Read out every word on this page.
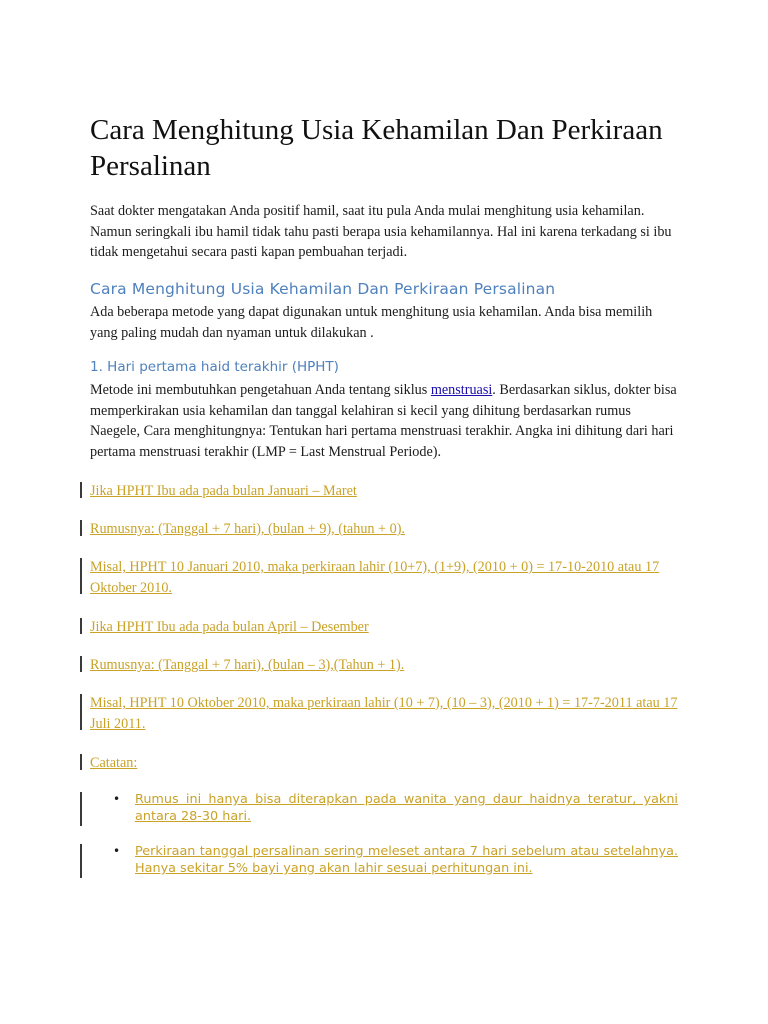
Cara Menghitung Usia Kehamilan Dan Perkiraan Persalinan

Saat dokter mengatakan Anda positif hamil, saat itu pula Anda mulai menghitung usia kehamilan. Namun seringkali ibu hamil tidak tahu pasti berapa usia kehamilannya. Hal ini karena terkadang si ibu tidak mengetahui secara pasti kapan pembuahan terjadi.

Cara Menghitung Usia Kehamilan Dan Perkiraan Persalinan

Ada beberapa metode yang dapat digunakan untuk menghitung usia kehamilan. Anda bisa memilih yang paling mudah dan nyaman untuk dilakukan .

1. Hari pertama haid terakhir (HPHT)

Metode ini membutuhkan pengetahuan Anda tentang siklus menstruasi. Berdasarkan siklus, dokter bisa memperkirakan usia kehamilan dan tanggal kelahiran si kecil yang dihitung berdasarkan rumus Naegele, Cara menghitungnya: Tentukan hari pertama menstruasi terakhir. Angka ini dihitung dari hari pertama menstruasi terakhir (LMP = Last Menstrual Periode).

Jika HPHT Ibu ada pada bulan Januari – Maret

Rumusnya: (Tanggal + 7 hari), (bulan + 9), (tahun + 0).

Misal, HPHT 10 Januari 2010, maka perkiraan lahir (10+7), (1+9), (2010 + 0) = 17-10-2010 atau 17 Oktober 2010.

Jika HPHT Ibu ada pada bulan April – Desember

Rumusnya: (Tanggal + 7 hari), (bulan – 3),(Tahun + 1).

Misal, HPHT 10 Oktober 2010, maka perkiraan lahir (10 + 7), (10 – 3), (2010 + 1) = 17-7-2011 atau 17 Juli 2011.

Catatan:

• Rumus ini hanya bisa diterapkan pada wanita yang daur haidnya teratur, yakni antara 28-30 hari.
• Perkiraan tanggal persalinan sering meleset antara 7 hari sebelum atau setelahnya. Hanya sekitar 5% bayi yang akan lahir sesuai perhitungan ini.
